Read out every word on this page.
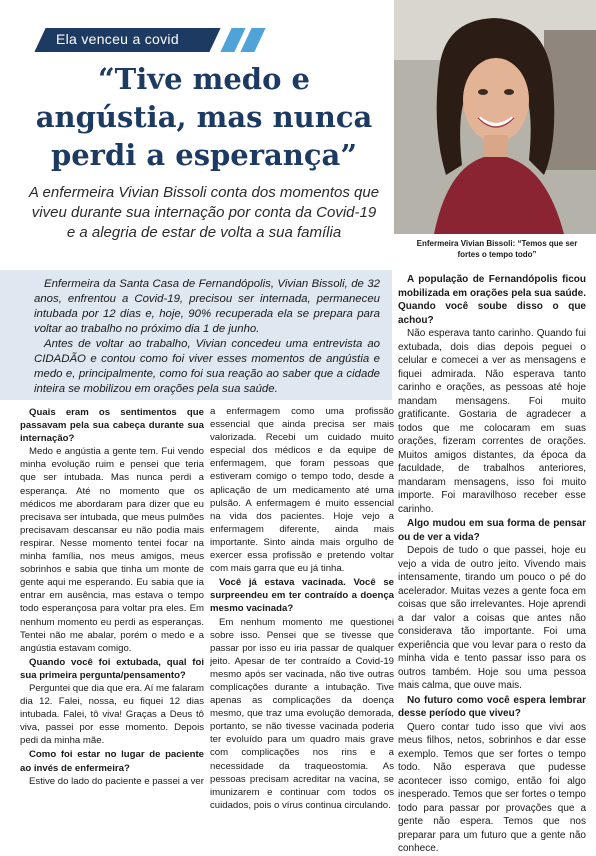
Ela venceu a covid
“Tive medo e angústia, mas nunca perdi a esperança”
A enfermeira Vivian Bissoli conta dos momentos que viveu durante sua internação por conta da Covid-19 e a alegria de estar de volta a sua família
Enfermeira Vivian Bissoli: “Temos que ser fortes o tempo todo”

Enfermeira da Santa Casa de Fernandópolis, Vivian Bissoli, de 32 anos, enfrentou a Covid-19, precisou ser internada, permaneceu intubada por 12 dias e, hoje, 90% recuperada ela se prepara para voltar ao trabalho no próximo dia 1 de junho.

Antes de voltar ao trabalho, Vivian concedeu uma entrevista ao CIDADÃO e contou como foi viver esses momentos de angústia e medo e, principalmente, como foi sua reação ao saber que a cidade inteira se mobilizou em orações pela sua saúde.

Quais eram os sentimentos que passavam pela sua cabeça durante sua internação?

Medo e angústia a gente tem. Fui vendo minha evolução ruim e pensei que teria que ser intubada. Mas nunca perdi a esperança. Até no momento que os médicos me abordaram para dizer que eu precisava ser intubada, que meus pulmões precisavam descansar eu não podia mais respirar. Nesse momento tentei focar na minha família, nos meus amigos, meus sobrinhos e sabia que tinha um monte de gente aqui me esperando. Eu sabia que ia entrar em ausência, mas estava o tempo todo esperançosa para voltar pra eles. Em nenhum momento eu perdi as esperanças. Tentei não me abalar, porém o medo e a angústia estavam comigo.

Quando você foi extubada, qual foi sua primeira pergunta/pensamento?

Perguntei que dia que era. Aí me falaram dia 12. Falei, nossa, eu fiquei 12 dias intubada. Falei, tô viva! Graças a Deus tô viva, passei por esse momento. Depois pedi da minha mãe.

Como foi estar no lugar de paciente ao invés de enfermeira?

Estive do lado do paciente e passei a ver

a enfermagem como uma profissão essencial que ainda precisa ser mais valorizada. Recebi um cuidado muito especial dos médicos e da equipe de enfermagem, que foram pessoas que estiveram comigo o tempo todo, desde a aplicação de um medicamento até uma pulsão. A enfermagem é muito essencial na vida dos pacientes. Hoje vejo a enfermagem diferente, ainda mais importante. Sinto ainda mais orgulho de exercer essa profissão e pretendo voltar com mais garra que eu já tinha.

Você já estava vacinada. Você se surpreendeu em ter contraído a doença mesmo vacinada?

Em nenhum momento me questionei sobre isso. Pensei que se tivesse que passar por isso eu iria passar de qualquer jeito. Apesar de ter contraído a Covid-19 mesmo após ser vacinada, não tive outras complicações durante a intubação. Tive apenas as complicações da doença mesmo, que traz uma evolução demorada, portanto, se não tivesse vacinada poderia ter evoluído para um quadro mais grave com complicações nos rins e a necessidade da traqueostomia. As pessoas precisam acreditar na vacina, se imunizarem e continuar com todos os cuidados, pois o vírus continua circulando.

A população de Fernandópolis ficou mobilizada em orações pela sua saúde. Quando você soube disso o que achou?

Não esperava tanto carinho. Quando fui extubada, dois dias depois peguei o celular e comecei a ver as mensagens e fiquei admirada. Não esperava tanto carinho e orações, as pessoas até hoje mandam mensagens. Foi muito gratificante. Gostaria de agradecer a todos que me colocaram em suas orações, fizeram correntes de orações. Muitos amigos distantes, da época da faculdade, de trabalhos anteriores, mandaram mensagens, isso foi muito importe. Foi maravilhoso receber esse carinho.

Algo mudou em sua forma de pensar ou de ver a vida?

Depois de tudo o que passei, hoje eu vejo a vida de outro jeito. Vivendo mais intensamente, tirando um pouco o pé do acelerador. Muitas vezes a gente foca em coisas que são irrelevantes. Hoje aprendi a dar valor a coisas que antes não considerava tão importante. Foi uma experiência que vou levar para o resto da minha vida e tento passar isso para os outros também. Hoje sou uma pessoa mais calma, que ouve mais.

No futuro como você espera lembrar desse período que viveu?

Quero contar tudo isso que vivi aos meus filhos, netos, sobrinhos e dar esse exemplo. Temos que ser fortes o tempo todo. Não esperava que pudesse acontecer isso comigo, então foi algo inesperado. Temos que ser fortes o tempo todo para passar por provações que a gente não espera. Temos que nos preparar para um futuro que a gente não conhece.
